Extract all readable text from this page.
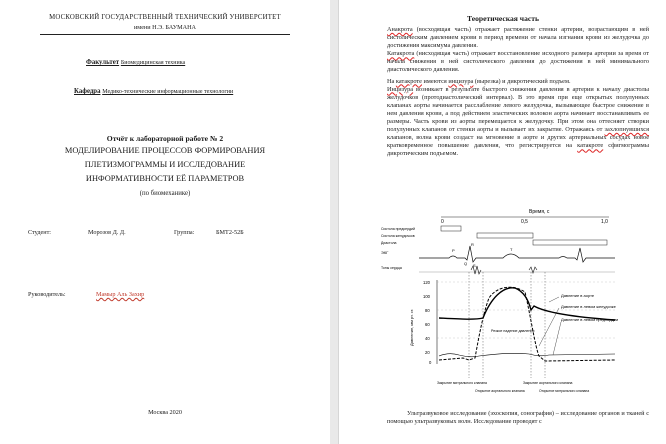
МОСКОВСКИЙ ГОСУДАРСТВЕННЫЙ ТЕХНИЧЕСКИЙ УНИВЕРСИТЕТ
имени Н.Э. БАУМАНА
Факультет Биомедицинская техника
Кафедра Медико-технические информационные технологии
Отчёт к лабораторной работе № 2
МОДЕЛИРОВАНИЕ ПРОЦЕССОВ ФОРМИРОВАНИЯ
ПЛЕТИЗМОГРАММЫ И ИССЛЕДОВАНИЕ
ИНФОРМАТИВНОСТИ ЕЁ ПАРАМЕТРОВ
(по биомеханике)
Студент:	Морозов Д. Д.	Группа:	БМТ2-52Б
Руководитель:	Мамыр Аль Захир
Москва 2020
Теоретическая часть

Анакрота (восходящая часть) отражает растяжение стенки артерии, возрастающим в ней систолическим давлением крови в период времени от начала изгнания крови из желудочка до достижения максимума давления.

Катакрота (нисходящая часть) отражает восстановление исходного размера артерии за время от начала снижения в ней систолического давления до достижения в ней минимального диастолического давления.

На катакроте имеются инцизура (вырезка) и дикротический подъем.

Инцизура возникает в результате быстрого снижения давления в артерии к началу диастолы желудочков (протодиастолический интервал). В это время при еще открытых полулунных клапанах аорты начинается расслабление левого желудочка, вызывающее быстрое снижение в нем давления крови, а под действием эластических волокон аорта начинает восстанавливать ее размеры. Часть крови из аорты перемещается к желудочку. При этом она оттесняет створки полулунных клапанов от стенки аорты и вызывает их закрытие. Отражаясь от захлопнувшихся клапанов, волна крови создаст на мгновение в аорте и других артериальных сосудах новое кратковременное повышение давления, что регистрируется на катакроте сфигмограммы дикротическим подъемом.

Время, с
0	0,5	1,0
Систола предсердий
Систола желудочков
Диастола
ЭКГ	P
Q
R
S
T
Тоны сердца
Давление, мм рт. ст.
120
100
80
60
40
20
0
Давление в аорте
Давление в левом желудочке
Давление в левом предсердии
Резкое падение давления
Закрытие митрального клапана
Открытие аортального клапана
Закрытие аортального клапана
Открытие митрального клапана
Ультразвуковое исследование (эхоскопия, сонография) – исследование органов и тканей с помощью ультразвуковых волн. Исследование проводят с
